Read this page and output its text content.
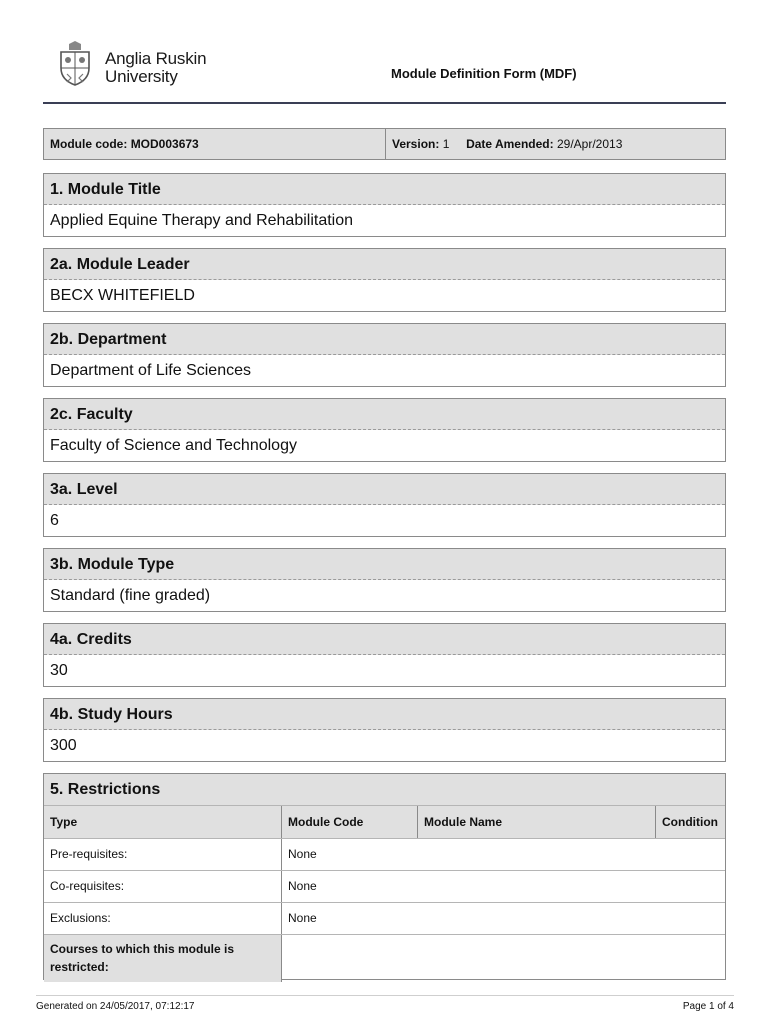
Anglia Ruskin
University	Module Definition Form (MDF)
Module code: MOD003673	Version: 1 Date Amended: 29/Apr/2013
1. Module Title
Applied Equine Therapy and Rehabilitation
2a. Module Leader
BECX WHITEFIELD
2b. Department
Department of Life Sciences
2c. Faculty
Faculty of Science and Technology
3a. Level
6
3b. Module Type
Standard (fine graded)
4a. Credits
30
4b. Study Hours
300
5. Restrictions
Type	Module Code	Module Name	Condition
Pre-requisites:	None
Co-requisites:	None
Exclusions:	None
Courses to which this module is restricted:
Generated on 24/05/2017, 07:12:17	Page 1 of 4
